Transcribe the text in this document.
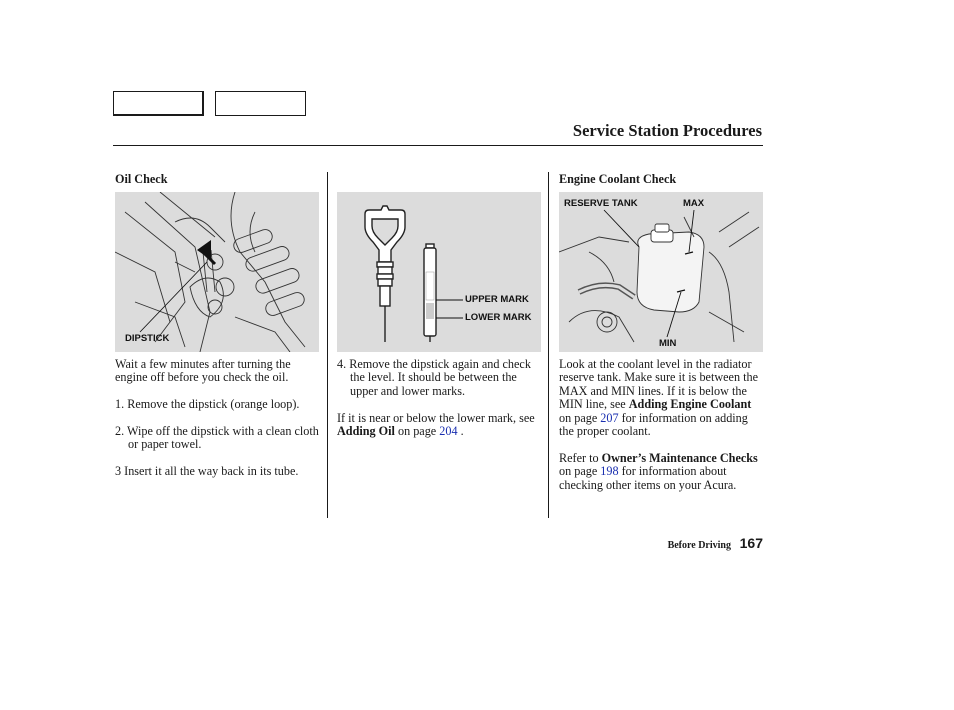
Service Station Procedures
Oil Check
DIPSTICK

Wait a few minutes after turning the engine off before you check the oil.

1. Remove the dipstick (orange loop).

2. Wipe off the dipstick with a clean cloth or paper towel.

3 Insert it all the way back in its tube.

UPPER MARK
LOWER MARK

4. Remove the dipstick again and check the level. It should be between the upper and lower marks.

If it is near or below the lower mark, see Adding Oil on page 204 .

Engine Coolant Check
RESERVE TANK	MAX
MIN

Look at the coolant level in the radiator reserve tank. Make sure it is between the MAX and MIN lines. If it is below the MIN line, see Adding Engine Coolant on page 207 for information on adding the proper coolant.

Refer to Owner’s Maintenance Checks on page 198 for information about checking other items on your Acura.

Before Driving 167
